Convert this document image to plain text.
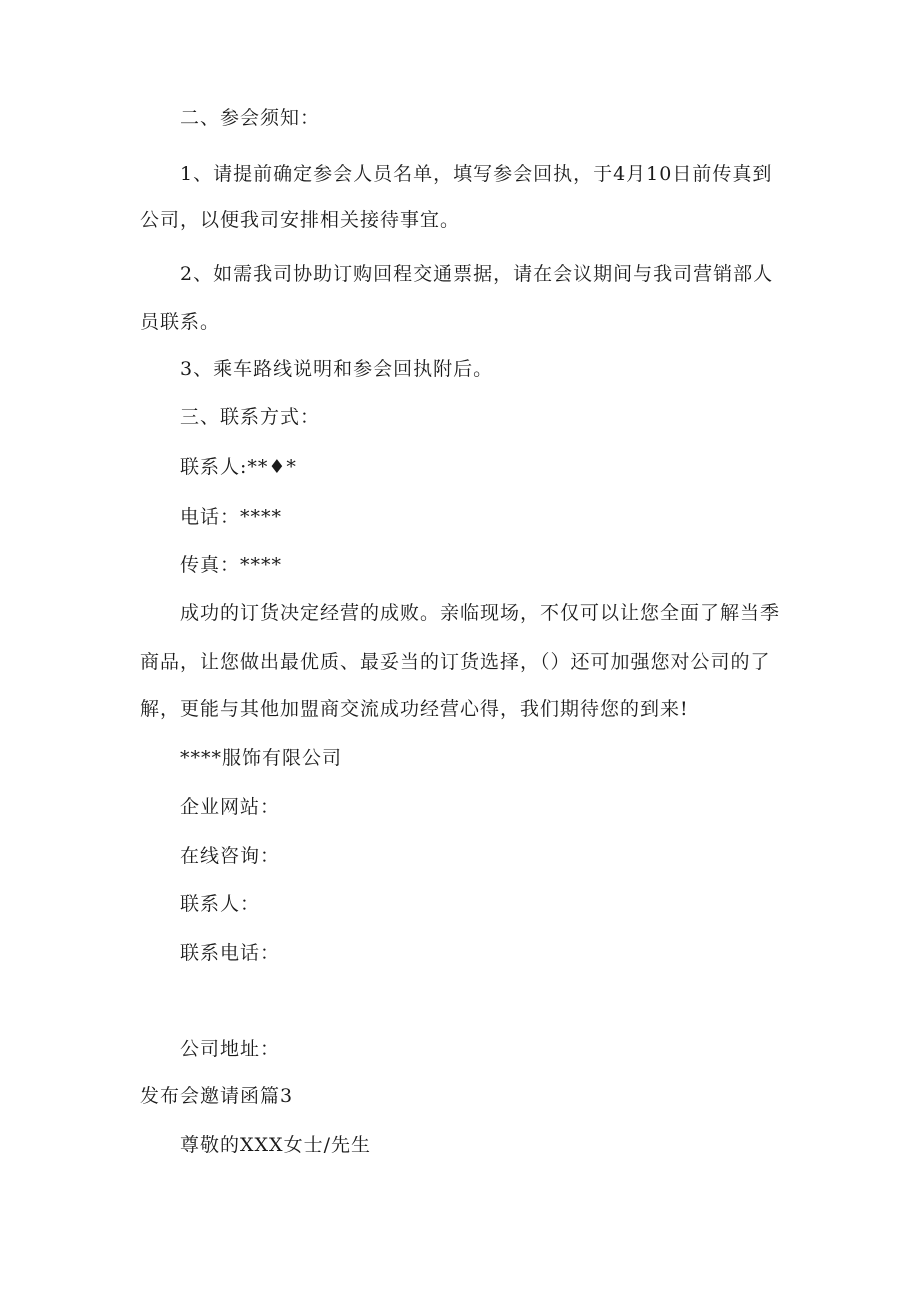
二、参会须知：
1、请提前确定参会人员名单，填写参会回执，于4月10日前传真到
公司，以便我司安排相关接待事宜。
2、如需我司协助订购回程交通票据，请在会议期间与我司营销部人
员联系。
3、乘车路线说明和参会回执附后。
三、联系方式：
联系人:**♦*
电话：****
传真：****
成功的订货决定经营的成败。亲临现场，不仅可以让您全面了解当季
商品，让您做出最优质、最妥当的订货选择，（）还可加强您对公司的了
解，更能与其他加盟商交流成功经营心得，我们期待您的到来!
****服饰有限公司
企业网站：
在线咨询：
联系人：
联系电话：
公司地址：
发布会邀请函篇3
尊敬的XXX女士/先生
